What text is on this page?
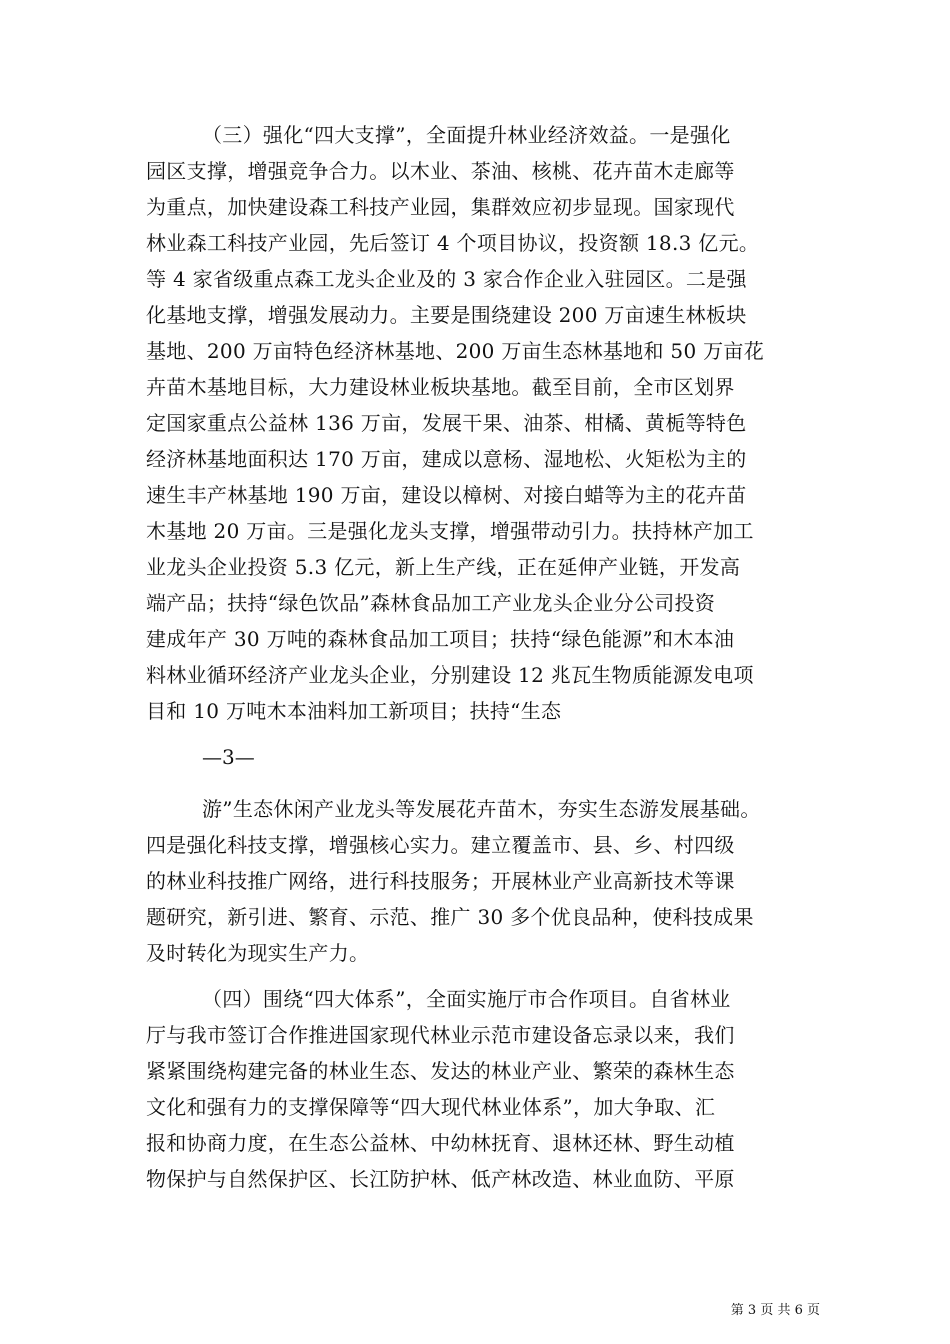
（三）强化“四大支撑”，全面提升林业经济效益。一是强化
园区支撑，增强竞争合力。以木业、茶油、核桃、花卉苗木走廊等
为重点，加快建设森工科技产业园，集群效应初步显现。国家现代
林业森工科技产业园，先后签订 4 个项目协议，投资额 18.3 亿元。
等 4 家省级重点森工龙头企业及的 3 家合作企业入驻园区。二是强
化基地支撑，增强发展动力。主要是围绕建设 200 万亩速生林板块
基地、200 万亩特色经济林基地、200 万亩生态林基地和 50 万亩花
卉苗木基地目标，大力建设林业板块基地。截至目前，全市区划界
定国家重点公益林 136 万亩，发展干果、油茶、柑橘、黄栀等特色
经济林基地面积达 170 万亩，建成以意杨、湿地松、火矩松为主的
速生丰产林基地 190 万亩，建设以樟树、对接白蜡等为主的花卉苗
木基地 20 万亩。三是强化龙头支撑，增强带动引力。扶持林产加工
业龙头企业投资 5.3 亿元，新上生产线，正在延伸产业链，开发高
端产品；扶持“绿色饮品”森林食品加工产业龙头企业分公司投资
建成年产 30 万吨的森林食品加工项目；扶持“绿色能源”和木本油
料林业循环经济产业龙头企业，分别建设 12 兆瓦生物质能源发电项
目和 10 万吨木本油料加工新项目；扶持“生态
—3—
游”生态休闲产业龙头等发展花卉苗木，夯实生态游发展基础。
四是强化科技支撑，增强核心实力。建立覆盖市、县、乡、村四级
的林业科技推广网络，进行科技服务；开展林业产业高新技术等课
题研究，新引进、繁育、示范、推广 30 多个优良品种，使科技成果
及时转化为现实生产力。
（四）围绕“四大体系”，全面实施厅市合作项目。自省林业
厅与我市签订合作推进国家现代林业示范市建设备忘录以来，我们
紧紧围绕构建完备的林业生态、发达的林业产业、繁荣的森林生态
文化和强有力的支撑保障等“四大现代林业体系”，加大争取、汇
报和协商力度，在生态公益林、中幼林抚育、退林还林、野生动植
物保护与自然保护区、长江防护林、低产林改造、林业血防、平原
第 3 页 共 6 页
